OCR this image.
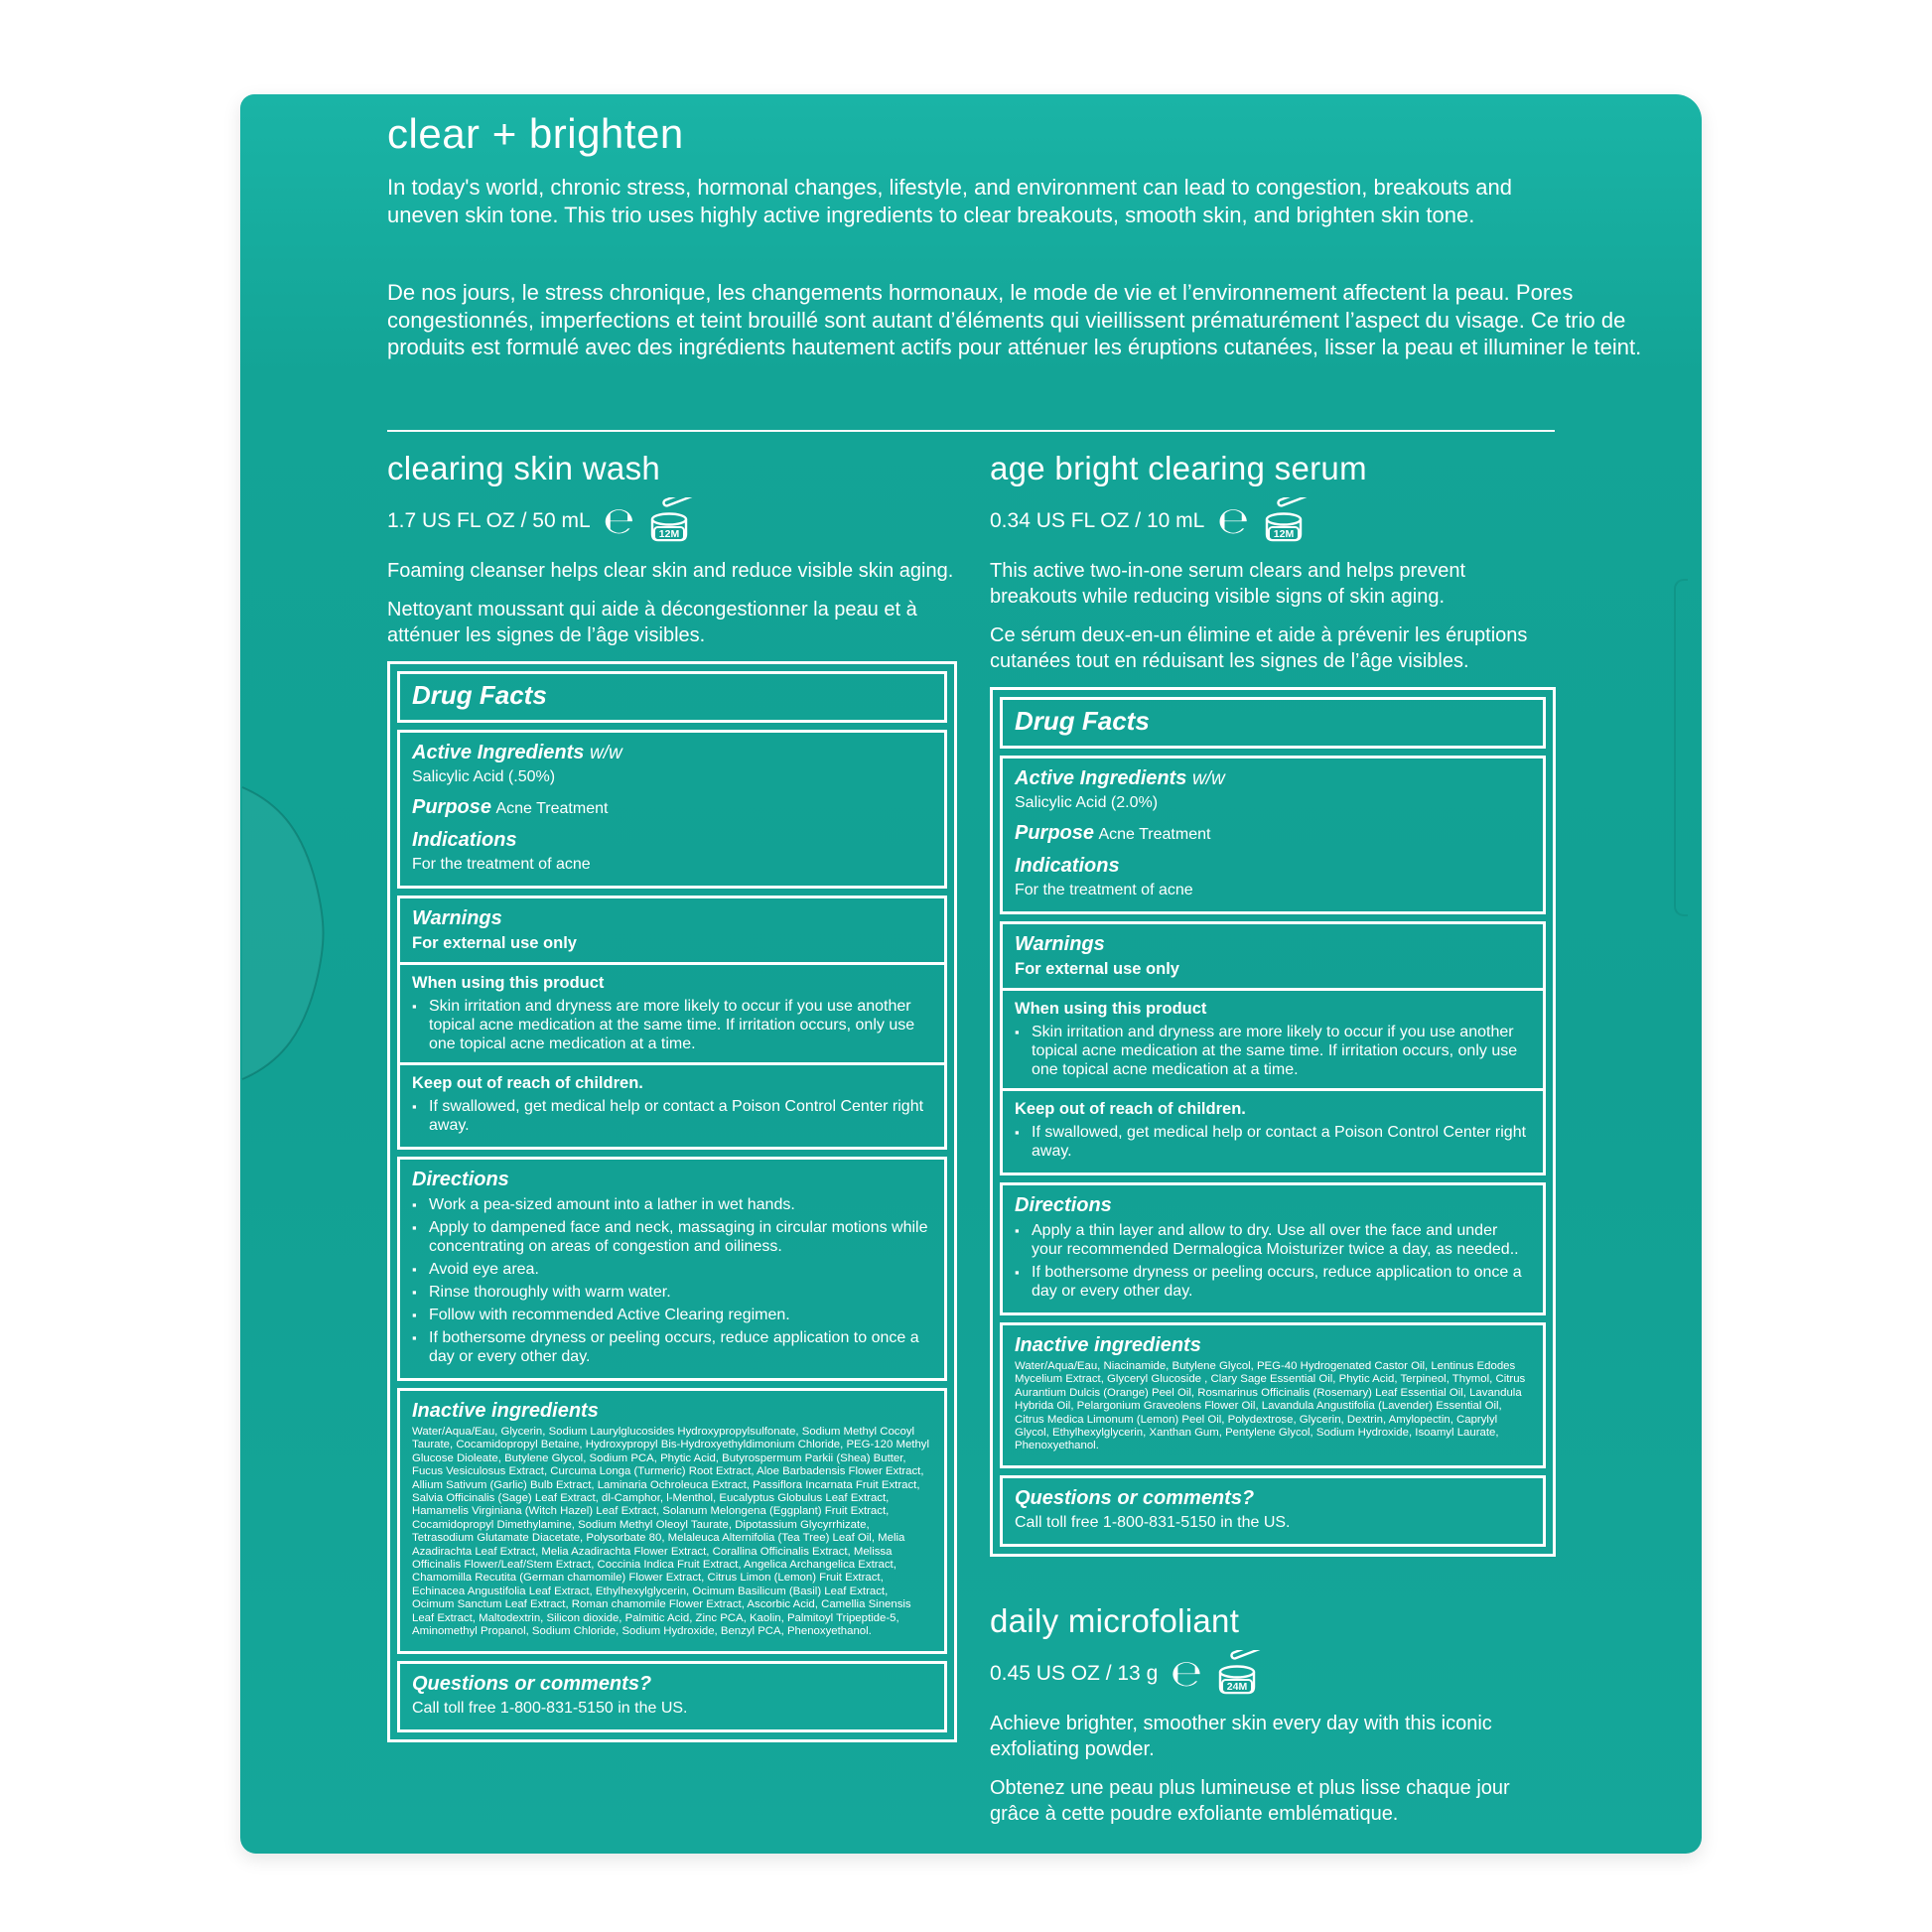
clear + brighten
In today's world, chronic stress, hormonal changes, lifestyle, and environment can lead to congestion, breakouts and uneven skin tone. This trio uses highly active ingredients to clear breakouts, smooth skin, and brighten skin tone.
De nos jours, le stress chronique, les changements hormonaux, le mode de vie et l’environnement affectent la peau. Pores congestionnés, imperfections et teint brouillé sont autant d’éléments qui vieillissent prématurément l’aspect du visage. Ce trio de produits est formulé avec des ingrédients hautement actifs pour atténuer les éruptions cutanées, lisser la peau et illuminer le teint.
clearing skin wash
1.7 US FL OZ / 50 mL ℮ 12M
Foaming cleanser helps clear skin and reduce visible skin aging.
Nettoyant moussant qui aide à décongestionner la peau et à atténuer les signes de l’âge visibles.
Drug Facts
Active Ingredients w/w
Salicylic Acid (.50%)
Purpose Acne Treatment
Indications
For the treatment of acne
Warnings
For external use only
When using this product
▪ Skin irritation and dryness are more likely to occur if you use another topical acne medication at the same time. If irritation occurs, only use one topical acne medication at a time.
Keep out of reach of children.
▪ If swallowed, get medical help or contact a Poison Control Center right away.
Directions
▪ Work a pea-sized amount into a lather in wet hands.
▪ Apply to dampened face and neck, massaging in circular motions while concentrating on areas of congestion and oiliness.
▪ Avoid eye area.
▪ Rinse thoroughly with warm water.
▪ Follow with recommended Active Clearing regimen.
▪ If bothersome dryness or peeling occurs, reduce application to once a day or every other day.
Inactive ingredients
Water/Aqua/Eau, Glycerin, Sodium Laurylglucosides Hydroxypropylsulfonate, Sodium Methyl Cocoyl Taurate, Cocamidopropyl Betaine, Hydroxypropyl Bis-Hydroxyethyldimonium Chloride, PEG-120 Methyl Glucose Dioleate, Butylene Glycol, Sodium PCA, Phytic Acid, Butyrospermum Parkii (Shea) Butter, Fucus Vesiculosus Extract, Curcuma Longa (Turmeric) Root Extract, Aloe Barbadensis Flower Extract, Allium Sativum (Garlic) Bulb Extract, Laminaria Ochroleuca Extract, Passiflora Incarnata Fruit Extract, Salvia Officinalis (Sage) Leaf Extract, dl-Camphor, l-Menthol, Eucalyptus Globulus Leaf Extract, Hamamelis Virginiana (Witch Hazel) Leaf Extract, Solanum Melongena (Eggplant) Fruit Extract, Cocamidopropyl Dimethylamine, Sodium Methyl Oleoyl Taurate, Dipotassium Glycyrrhizate, Tetrasodium Glutamate Diacetate, Polysorbate 80, Melaleuca Alternifolia (Tea Tree) Leaf Oil, Melia Azadirachta Leaf Extract, Melia Azadirachta Flower Extract, Corallina Officinalis Extract, Melissa Officinalis Flower/Leaf/Stem Extract, Coccinia Indica Fruit Extract, Angelica Archangelica Extract, Chamomilla Recutita (German chamomile) Flower Extract, Citrus Limon (Lemon) Fruit Extract, Echinacea Angustifolia Leaf Extract, Ethylhexylglycerin, Ocimum Basilicum (Basil) Leaf Extract, Ocimum Sanctum Leaf Extract, Roman chamomile Flower Extract, Ascorbic Acid, Camellia Sinensis Leaf Extract, Maltodextrin, Silicon dioxide, Palmitic Acid, Zinc PCA, Kaolin, Palmitoyl Tripeptide-5, Aminomethyl Propanol, Sodium Chloride, Sodium Hydroxide, Benzyl PCA, Phenoxyethanol.
Questions or comments?
Call toll free 1-800-831-5150 in the US.
age bright clearing serum
0.34 US FL OZ / 10 mL ℮ 12M
This active two-in-one serum clears and helps prevent breakouts while reducing visible signs of skin aging.
Ce sérum deux-en-un élimine et aide à prévenir les éruptions cutanées tout en réduisant les signes de l’âge visibles.
Drug Facts
Active Ingredients w/w
Salicylic Acid (2.0%)
Purpose Acne Treatment
Indications
For the treatment of acne
Warnings
For external use only
When using this product
▪ Skin irritation and dryness are more likely to occur if you use another topical acne medication at the same time. If irritation occurs, only use one topical acne medication at a time.
Keep out of reach of children.
▪ If swallowed, get medical help or contact a Poison Control Center right away.
Directions
▪ Apply a thin layer and allow to dry. Use all over the face and under your recommended Dermalogica Moisturizer twice a day, as needed..
▪ If bothersome dryness or peeling occurs, reduce application to once a day or every other day.
Inactive ingredients
Water/Aqua/Eau, Niacinamide, Butylene Glycol, PEG-40 Hydrogenated Castor Oil, Lentinus Edodes Mycelium Extract, Glyceryl Glucoside , Clary Sage Essential Oil, Phytic Acid, Terpineol, Thymol, Citrus Aurantium Dulcis (Orange) Peel Oil, Rosmarinus Officinalis (Rosemary) Leaf Essential Oil, Lavandula Hybrida Oil, Pelargonium Graveolens Flower Oil, Lavandula Angustifolia (Lavender) Essential Oil, Citrus Medica Limonum (Lemon) Peel Oil, Polydextrose, Glycerin, Dextrin, Amylopectin, Caprylyl Glycol, Ethylhexylglycerin, Xanthan Gum, Pentylene Glycol, Sodium Hydroxide, Isoamyl Laurate, Phenoxyethanol.
Questions or comments?
Call toll free 1-800-831-5150 in the US.
daily microfoliant
0.45 US OZ / 13 g ℮ 24M
Achieve brighter, smoother skin every day with this iconic exfoliating powder.
Obtenez une peau plus lumineuse et plus lisse chaque jour grâce à cette poudre exfoliante emblématique.
